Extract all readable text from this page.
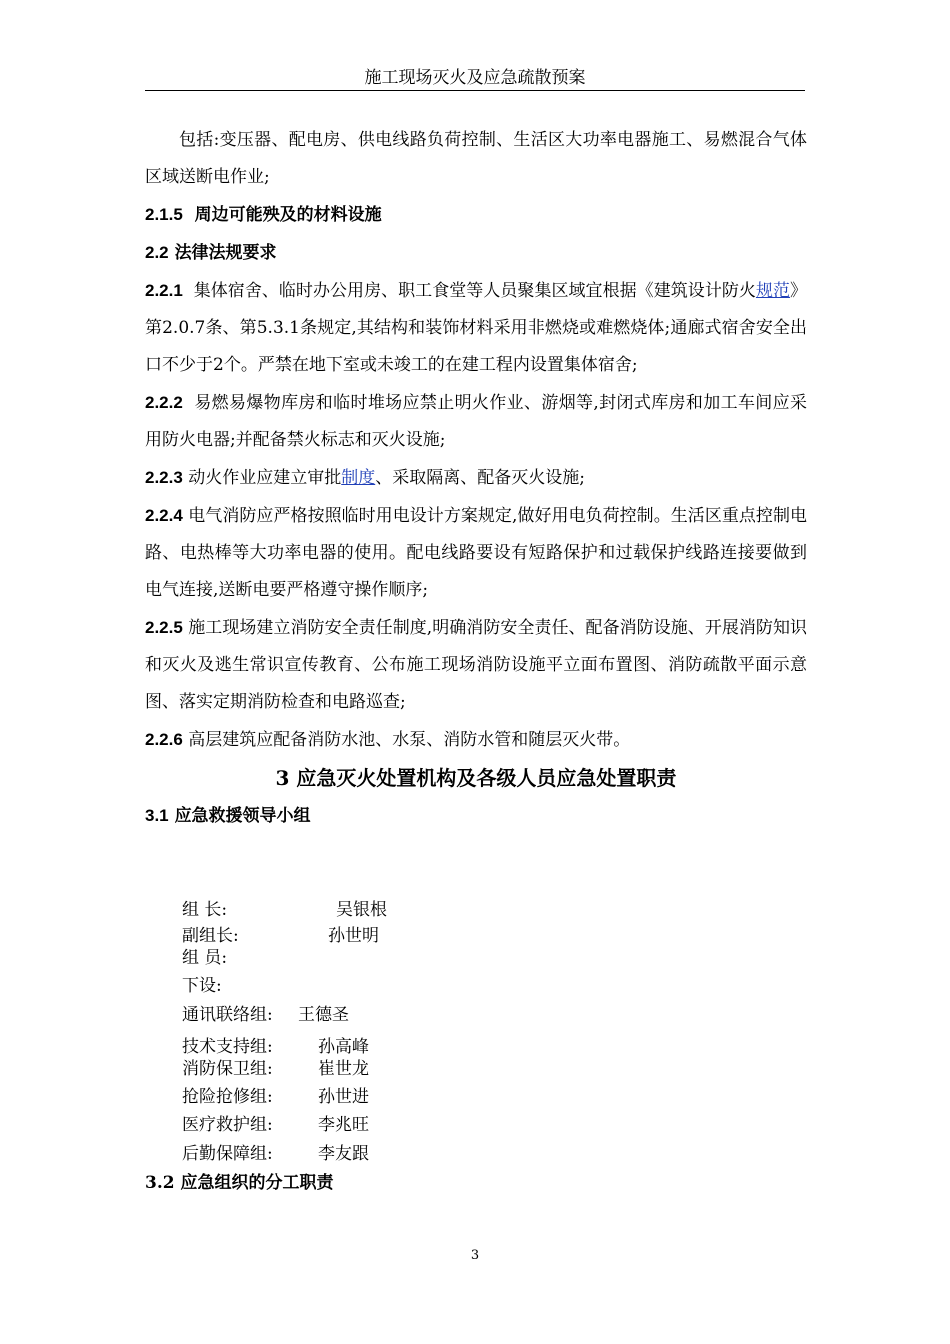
施工现场灭火及应急疏散预案

包括:变压器、配电房、供电线路负荷控制、生活区大功率电器施工、易燃混合气体区域送断电作业;

2.1.5 周边可能殃及的材料设施
2.2 法律法规要求

2.2.1 集体宿舍、临时办公用房、职工食堂等人员聚集区域宜根据《建筑设计防火规范》第2.0.7条、第5.3.1条规定,其结构和装饰材料采用非燃烧或难燃烧体;通廊式宿舍安全出口不少于2个。严禁在地下室或未竣工的在建工程内设置集体宿舍;

2.2.2 易燃易爆物库房和临时堆场应禁止明火作业、游烟等,封闭式库房和加工车间应采用防火电器;并配备禁火标志和灭火设施;

2.2.3 动火作业应建立审批制度、采取隔离、配备灭火设施;

2.2.4 电气消防应严格按照临时用电设计方案规定,做好用电负荷控制。生活区重点控制电路、电热棒等大功率电器的使用。配电线路要设有短路保护和过载保护线路连接要做到电气连接,送断电要严格遵守操作顺序;

2.2.5 施工现场建立消防安全责任制度,明确消防安全责任、配备消防设施、开展消防知识和灭火及逃生常识宣传教育、公布施工现场消防设施平立面布置图、消防疏散平面示意图、落实定期消防检查和电路巡查;

2.2.6 高层建筑应配备消防水池、水泵、消防水管和随层灭火带。

3 应急灭火处置机构及各级人员应急处置职责
3.1 应急救援领导小组
组 长:	吴银根
副组长:	孙世明
组 员:
下设:
通讯联络组: 王德圣
技术支持组:	孙高峰
消防保卫组:	崔世龙
抢险抢修组:	孙世进
医疗救护组:	李兆旺
后勤保障组:	李友跟
3.2 应急组织的分工职责
3
